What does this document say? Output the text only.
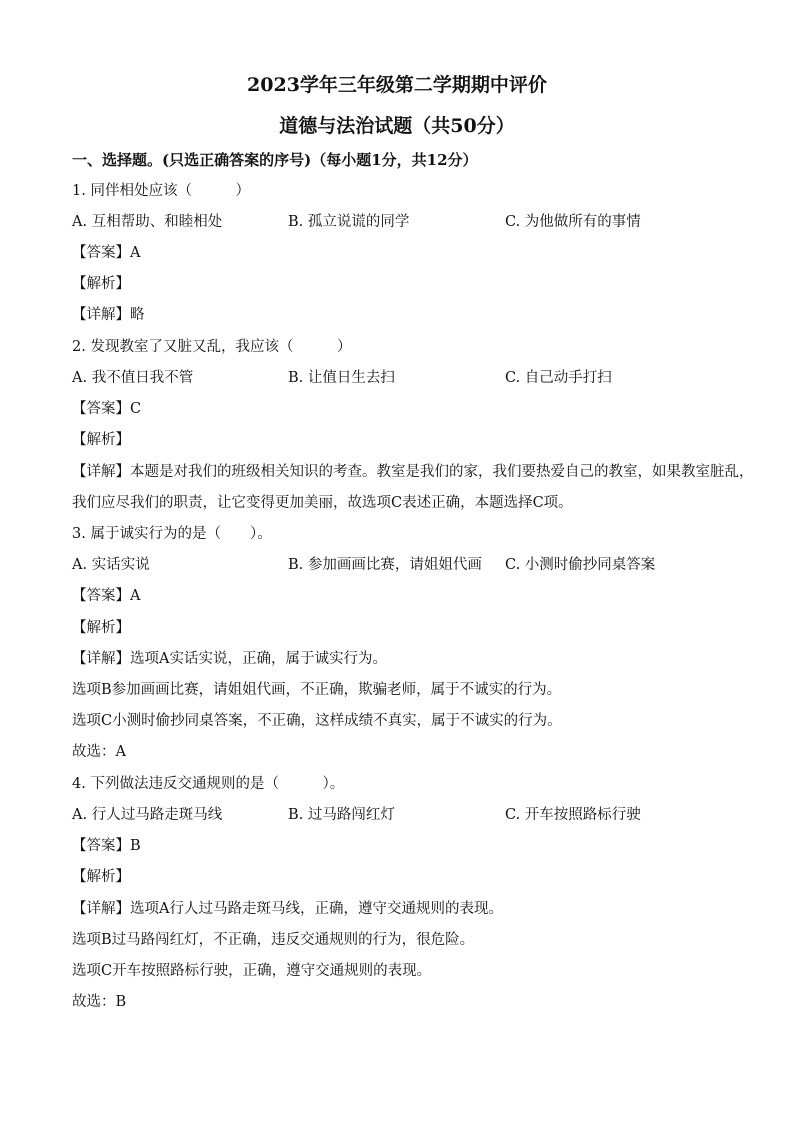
2023学年三年级第二学期期中评价
道德与法治试题（共50分）
一、选择题。(只选正确答案的序号)（每小题1分，共12分）
1. 同伴相处应该（　　　）
A. 互相帮助、和睦相处	B. 孤立说谎的同学	C. 为他做所有的事情
【答案】A
【解析】
【详解】略
2. 发现教室了又脏又乱，我应该（　　　）
A. 我不值日我不管	B. 让值日生去扫	C. 自己动手打扫
【答案】C
【解析】
【详解】本题是对我们的班级相关知识的考查。教室是我们的家，我们要热爱自己的教室，如果教室脏乱，
我们应尽我们的职责，让它变得更加美丽，故选项C表述正确，本题选择C项。
3. 属于诚实行为的是（　　）。
A. 实话实说	B. 参加画画比赛，请姐姐代画 C. 小测时偷抄同桌答案
【答案】A
【解析】
【详解】选项A实话实说，正确，属于诚实行为。
选项B参加画画比赛，请姐姐代画，不正确，欺骗老师，属于不诚实的行为。
选项C小测时偷抄同桌答案，不正确，这样成绩不真实，属于不诚实的行为。
故选：A
4. 下列做法违反交通规则的是（　　　）。
A. 行人过马路走斑马线	B. 过马路闯红灯	C. 开车按照路标行驶
【答案】B
【解析】
【详解】选项A行人过马路走斑马线，正确，遵守交通规则的表现。
选项B过马路闯红灯，不正确，违反交通规则的行为，很危险。
选项C开车按照路标行驶，正确，遵守交通规则的表现。
故选：B
